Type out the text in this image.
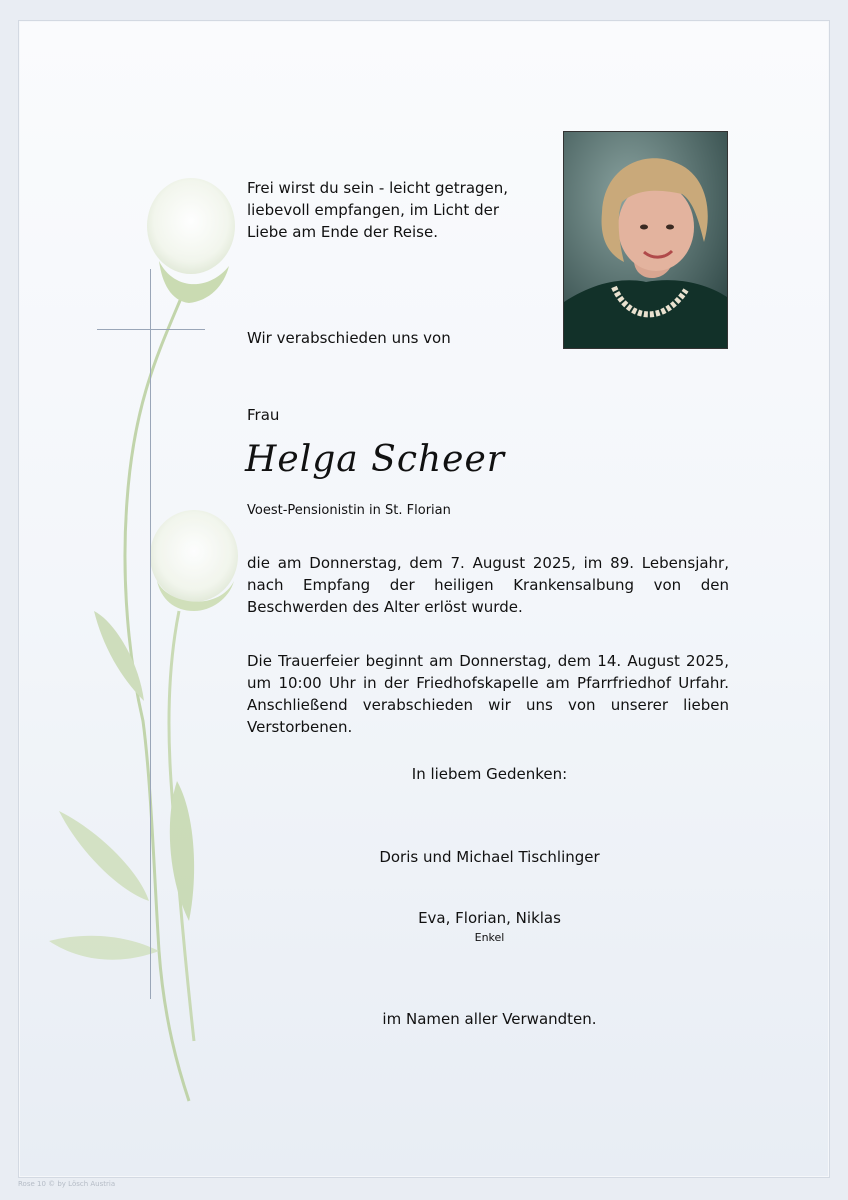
Frei wirst du sein - leicht getragen,
liebevoll empfangen, im Licht der
Liebe am Ende der Reise.
Wir verabschieden uns von
Frau
Helga Scheer
Voest-Pensionistin in St. Florian
die am Donnerstag, dem 7. August 2025, im 89. Lebensjahr, nach Empfang der heiligen Krankensalbung von den Beschwerden des Alter erlöst wurde.
Die Trauerfeier beginnt am Donnerstag, dem 14. August 2025, um 10:00 Uhr in der Friedhofskapelle am Pfarrfriedhof Urfahr. Anschließend verabschieden wir uns von unserer lieben Verstorbenen.
In liebem Gedenken:
Doris und Michael Tischlinger
Eva, Florian, Niklas
Enkel
im Namen aller Verwandten.
Rose 10 © by Lösch Austria
